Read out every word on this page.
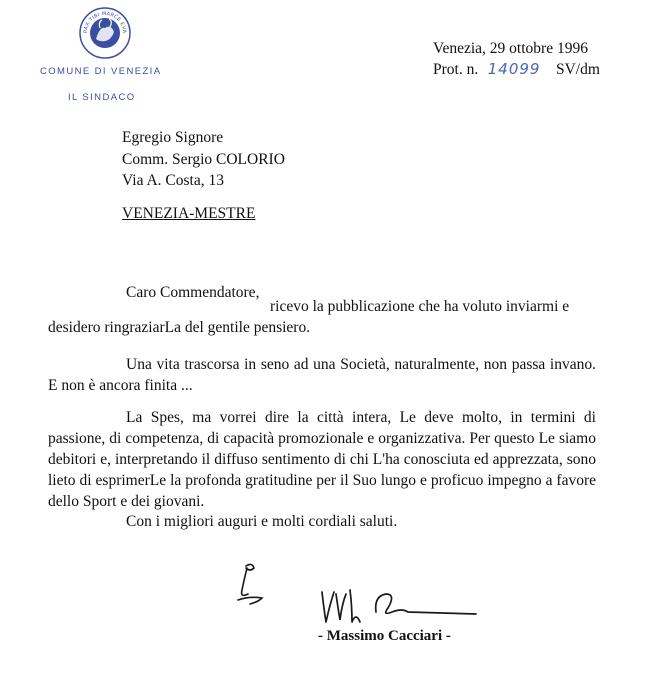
PAX TIBI MARCE EVA
COMUNE DI VENEZIA
IL SINDACO
Venezia, 29 ottobre 1996
Prot. n. 14099 SV/dm
Egregio Signore
Comm. Sergio COLORIO
Via A. Costa, 13
VENEZIA-MESTRE
Caro Commendatore,
ricevo la pubblicazione che ha voluto inviarmi e
desidero ringraziarLa del gentile pensiero.

Una vita trascorsa in seno ad una Società, naturalmente, non passa invano. E non è ancora finita ...

La Spes, ma vorrei dire la città intera, Le deve molto, in termini di passione, di competenza, di capacità promozionale e organizzativa. Per questo Le siamo debitori e, interpretando il diffuso sentimento di chi L'ha conosciuta ed apprezzata, sono lieto di esprimerLe la profonda gratitudine per il Suo lungo e proficuo impegno a favore dello Sport e dei giovani.

Con i migliori auguri e molti cordiali saluti.
- Massimo Cacciari -
